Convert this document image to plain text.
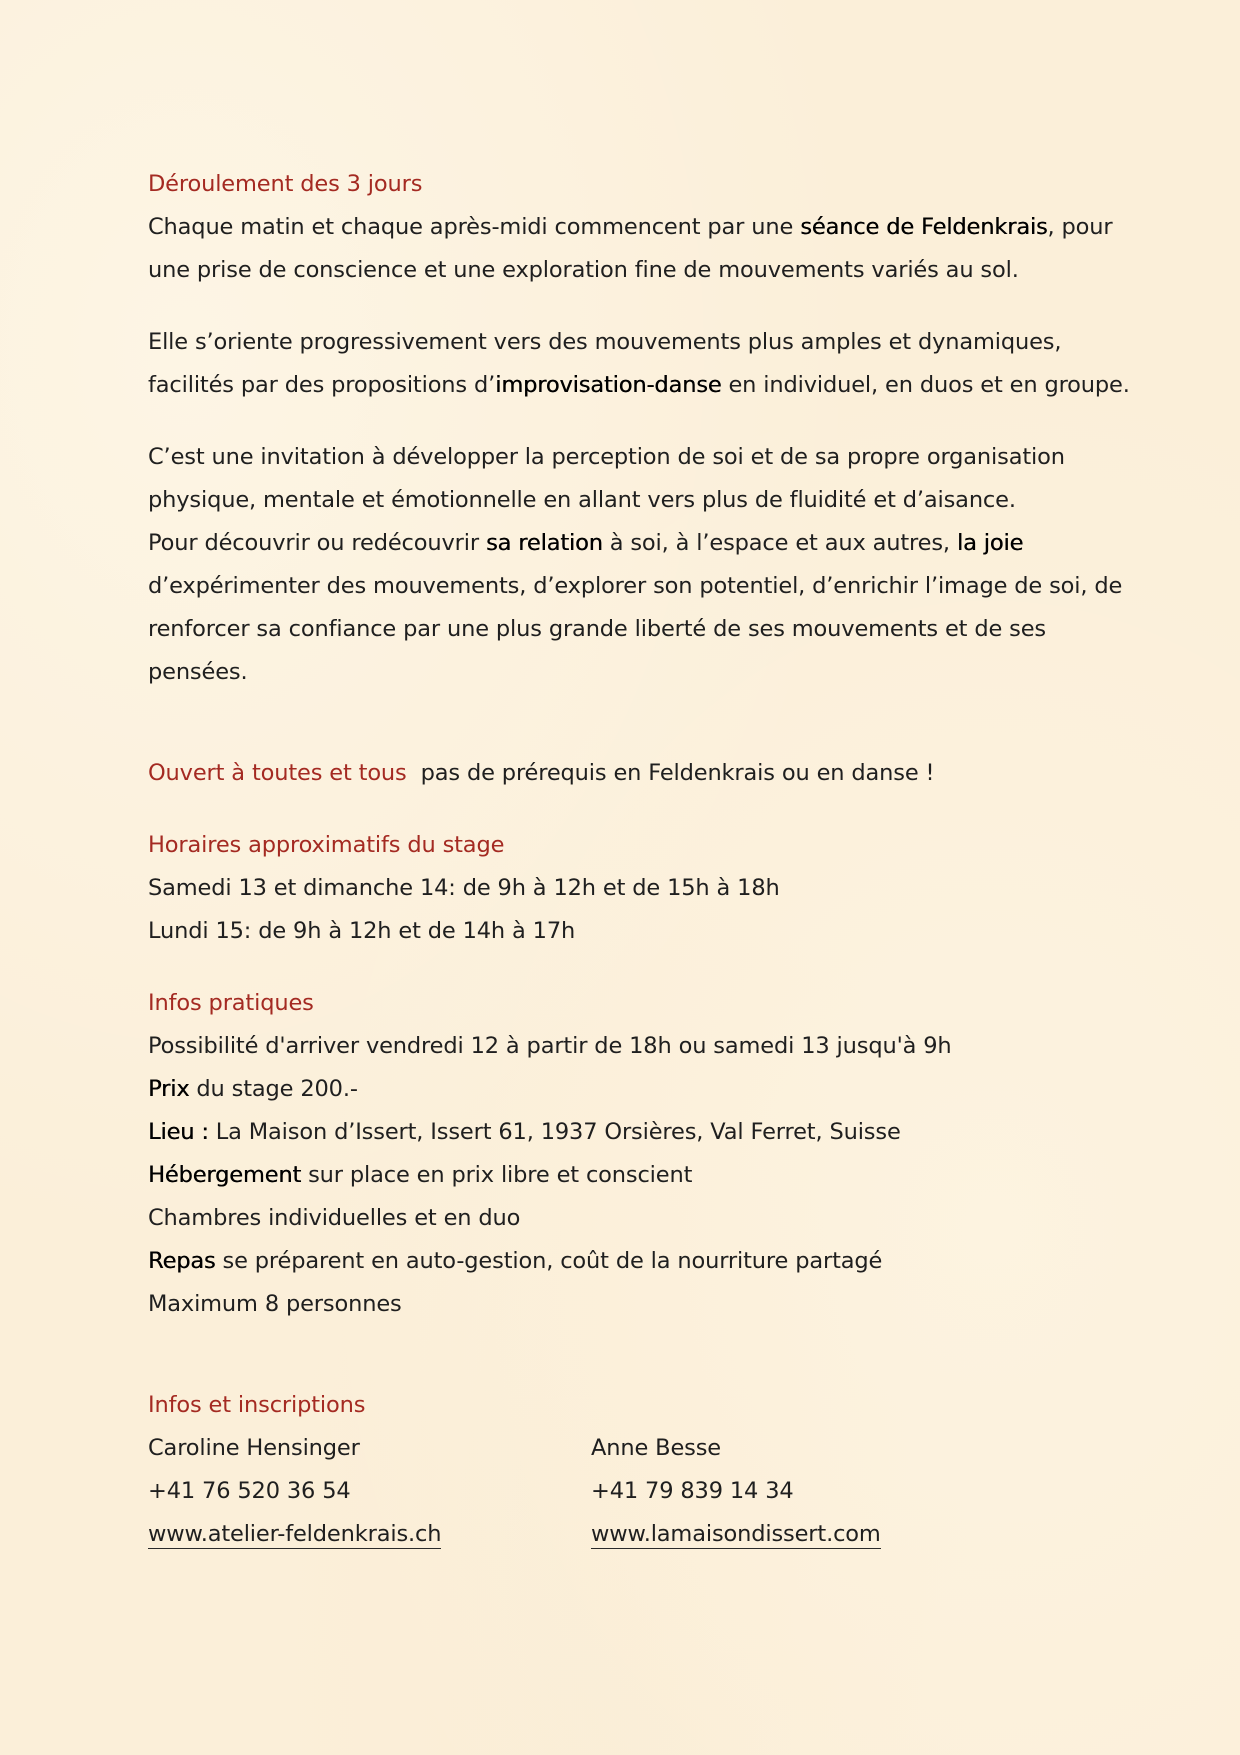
Déroulement des 3 jours
Chaque matin et chaque après-midi commencent par une séance de Feldenkrais, pour
une prise de conscience et une exploration fine de mouvements variés au sol.
Elle s’oriente progressivement vers des mouvements plus amples et dynamiques,
facilités par des propositions d’improvisation-danse en individuel, en duos et en groupe.
C’est une invitation à développer la perception de soi et de sa propre organisation
physique, mentale et émotionnelle en allant vers plus de fluidité et d’aisance.
Pour découvrir ou redécouvrir sa relation à soi, à l’espace et aux autres, la joie
d’expérimenter des mouvements, d’explorer son potentiel, d’enrichir l’image de soi, de
renforcer sa confiance par une plus grande liberté de ses mouvements et de ses
pensées.
Ouvert à toutes et tous pas de prérequis en Feldenkrais ou en danse !
Horaires approximatifs du stage
Samedi 13 et dimanche 14: de 9h à 12h et de 15h à 18h
Lundi 15: de 9h à 12h et de 14h à 17h
Infos pratiques
Possibilité d'arriver vendredi 12 à partir de 18h ou samedi 13 jusqu'à 9h
Prix du stage 200.-
Lieu : La Maison d’Issert, Issert 61, 1937 Orsières, Val Ferret, Suisse
Hébergement sur place en prix libre et conscient
Chambres individuelles et en duo
Repas se préparent en auto-gestion, coût de la nourriture partagé
Maximum 8 personnes
Infos et inscriptions
Caroline Hensinger
+41 76 520 36 54
www.atelier-feldenkrais.ch
Anne Besse
+41 79 839 14 34
www.lamaisondissert.com
